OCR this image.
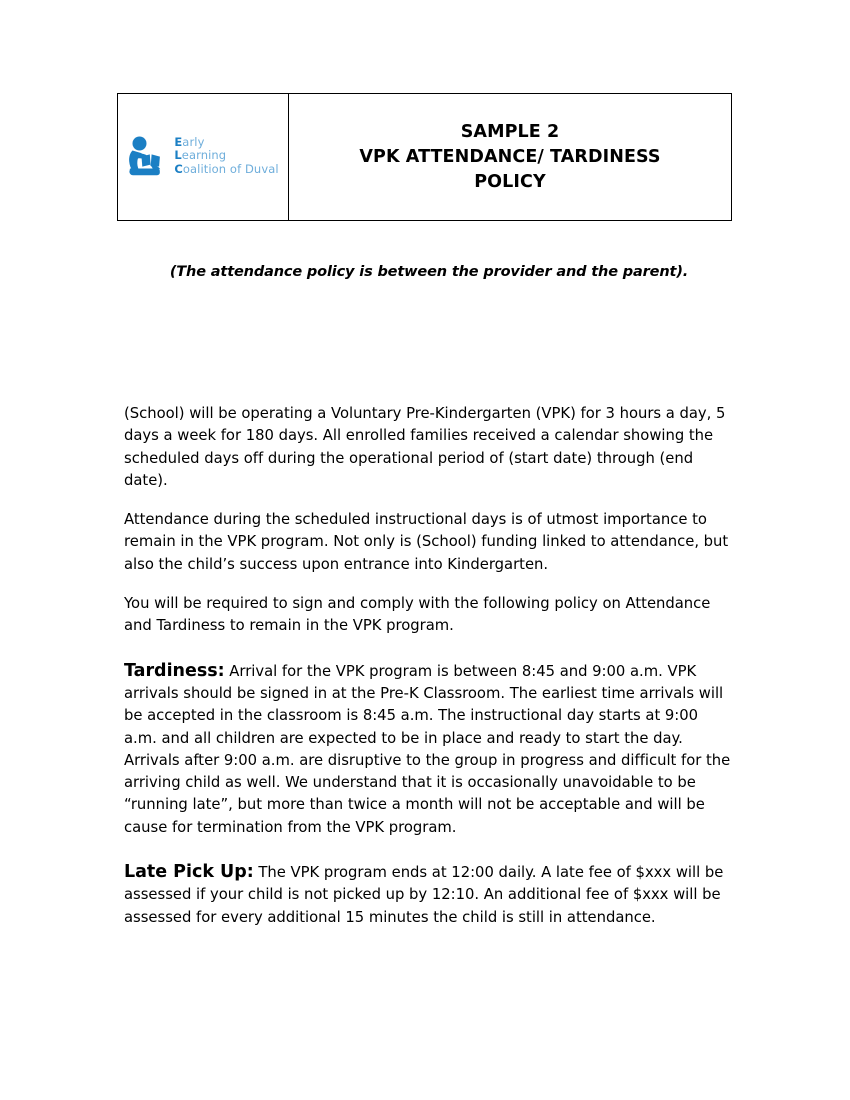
Early
Learning
Coalition of Duval
SAMPLE 2
VPK ATTENDANCE/ TARDINESS
POLICY
(The attendance policy is between the provider and the parent).

(School) will be operating a Voluntary Pre-Kindergarten (VPK) for 3 hours a day, 5 days a week for 180 days. All enrolled families received a calendar showing the scheduled days off during the operational period of (start date) through (end date).

Attendance during the scheduled instructional days is of utmost importance to remain in the VPK program. Not only is (School) funding linked to attendance, but also the child’s success upon entrance into Kindergarten.

You will be required to sign and comply with the following policy on Attendance and Tardiness to remain in the VPK program.

Tardiness: Arrival for the VPK program is between 8:45 and 9:00 a.m. VPK arrivals should be signed in at the Pre-K Classroom. The earliest time arrivals will be accepted in the classroom is 8:45 a.m. The instructional day starts at 9:00 a.m. and all children are expected to be in place and ready to start the day. Arrivals after 9:00 a.m. are disruptive to the group in progress and difficult for the arriving child as well. We understand that it is occasionally unavoidable to be “running late”, but more than twice a month will not be acceptable and will be cause for termination from the VPK program.

Late Pick Up: The VPK program ends at 12:00 daily. A late fee of $xxx will be assessed if your child is not picked up by 12:10. An additional fee of $xxx will be assessed for every additional 15 minutes the child is still in attendance.
